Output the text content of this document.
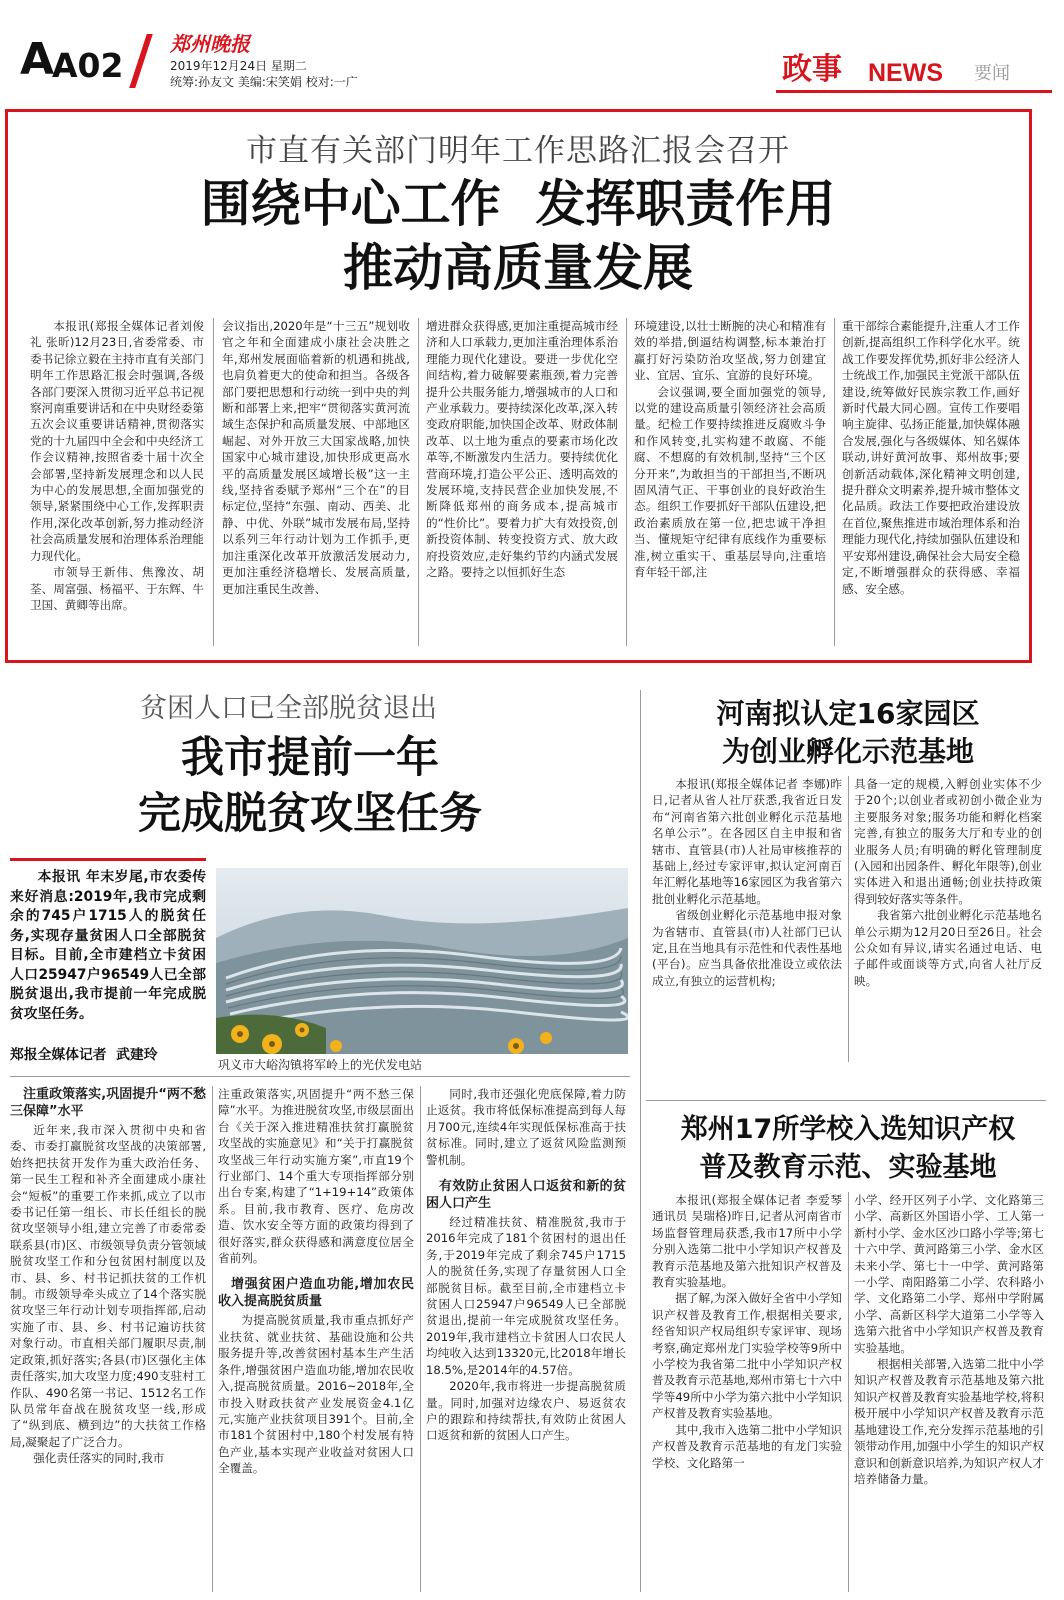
A
A02
郑州晚报
2019年12月24日 星期二
统筹:孙友文 美编:宋笑娟 校对:一广	政事 NEWS 要闻
市直有关部门明年工作思路汇报会召开
围绕中心工作  发挥职责作用
推动高质量发展

本报讯(郑报全媒体记者刘俊礼 张昕)12月23日,省委常委、市委书记徐立毅在主持市直有关部门明年工作思路汇报会时强调,各级各部门要深入贯彻习近平总书记视察河南重要讲话和在中央财经委第五次会议重要讲话精神,贯彻落实党的十九届四中全会和中央经济工作会议精神,按照省委十届十次全会部署,坚持新发展理念和以人民为中心的发展思想,全面加强党的领导,紧紧围绕中心工作,发挥职责作用,深化改革创新,努力推动经济社会高质量发展和治理体系治理能力现代化。

市领导王新伟、焦豫汝、胡荃、周富强、杨福平、于东辉、牛卫国、黄卿等出席。

会议指出,2020年是“十三五”规划收官之年和全面建成小康社会决胜之年,郑州发展面临着新的机遇和挑战,也肩负着更大的使命和担当。各级各部门要把思想和行动统一到中央的判断和部署上来,把牢“贯彻落实黄河流域生态保护和高质量发展、中部地区崛起、对外开放三大国家战略,加快国家中心城市建设,加快形成更高水平的高质量发展区域增长极”这一主线,坚持省委赋予郑州“三个在”的目标定位,坚持“东强、南动、西美、北静、中优、外联”城市发展布局,坚持以系列三年行动计划为工作抓手,更加注重深化改革开放激活发展动力,更加注重经济稳增长、发展高质量,更加注重民生改善、

增进群众获得感,更加注重提高城市经济和人口承载力,更加注重治理体系治理能力现代化建设。要进一步优化空间结构,着力破解要素瓶颈,着力完善提升公共服务能力,增强城市的人口和产业承载力。要持续深化改革,深入转变政府职能,加快国企改革、财政体制改革、以土地为重点的要素市场化改革等,不断激发内生活力。要持续优化营商环境,打造公平公正、透明高效的发展环境,支持民营企业加快发展,不断降低郑州的商务成本,提高城市的“性价比”。要着力扩大有效投资,创新投资体制、转变投资方式、放大政府投资效应,走好集约节约内涵式发展之路。要持之以恒抓好生态

环境建设,以壮士断腕的决心和精准有效的举措,倒逼结构调整,标本兼治打赢打好污染防治攻坚战,努力创建宜业、宜居、宜乐、宜游的良好环境。

会议强调,要全面加强党的领导,以党的建设高质量引领经济社会高质量。纪检工作要持续推进反腐败斗争和作风转变,扎实构建不敢腐、不能腐、不想腐的有效机制,坚持“三个区分开来”,为敢担当的干部担当,不断巩固风清气正、干事创业的良好政治生态。组织工作要抓好干部队伍建设,把政治素质放在第一位,把忠诚干净担当、懂规矩守纪律有底线作为重要标准,树立重实干、重基层导向,注重培育年轻干部,注

重干部综合素能提升,注重人才工作创新,提高组织工作科学化水平。统战工作要发挥优势,抓好非公经济人士统战工作,加强民主党派干部队伍建设,统筹做好民族宗教工作,画好新时代最大同心圆。宣传工作要唱响主旋律、弘扬正能量,加快媒体融合发展,强化与各级媒体、知名媒体联动,讲好黄河故事、郑州故事;要创新活动载体,深化精神文明创建,提升群众文明素养,提升城市整体文化品质。政法工作要把政治建设放在首位,聚焦推进市域治理体系和治理能力现代化,持续加强队伍建设和平安郑州建设,确保社会大局安全稳定,不断增强群众的获得感、幸福感、安全感。

贫困人口已全部脱贫退出
我市提前一年
完成脱贫攻坚任务
本报讯 年末岁尾,市农委传来好消息:2019年,我市完成剩余的745户1715人的脱贫任务,实现存量贫困人口全部脱贫目标。目前,全市建档立卡贫困人口25947户96549人已全部脱贫退出,我市提前一年完成脱贫攻坚任务。
郑报全媒体记者  武建玲
巩义市大峪沟镇将军岭上的光伏发电站
注重政策落实,巩固提升“两不愁三保障”水平

近年来,我市深入贯彻中央和省委、市委打赢脱贫攻坚战的决策部署,始终把扶贫开发作为重大政治任务、第一民生工程和补齐全面建成小康社会“短板”的重要工作来抓,成立了以市委书记任第一组长、市长任组长的脱贫攻坚领导小组,建立完善了市委常委联系县(市)区、市级领导负责分管领域脱贫攻坚工作和分包贫困村制度以及市、县、乡、村书记抓扶贫的工作机制。市级领导牵头成立了14个落实脱贫攻坚三年行动计划专项指挥部,启动实施了市、县、乡、村书记遍访扶贫对象行动。市直相关部门履职尽责,制定政策,抓好落实;各县(市)区强化主体责任落实,加大攻坚力度;490支驻村工作队、490名第一书记、1512名工作队员常年奋战在脱贫攻坚一线,形成了“纵到底、横到边”的大扶贫工作格局,凝聚起了广泛合力。

强化责任落实的同时,我市

注重政策落实,巩固提升“两不愁三保障”水平。为推进脱贫攻坚,市级层面出台《关于深入推进精准扶贫打赢脱贫攻坚战的实施意见》和“关于打赢脱贫攻坚战三年行动实施方案”,市直19个行业部门、14个重大专项指挥部分别出台专案,构建了“1+19+14”政策体系。目前,我市教育、医疗、危房改造、饮水安全等方面的政策均得到了很好落实,群众获得感和满意度位居全省前列。

增强贫困户造血功能,增加农民收入提高脱贫质量

为提高脱贫质量,我市重点抓好产业扶贫、就业扶贫、基础设施和公共服务提升等,改善贫困村基本生产生活条件,增强贫困户造血功能,增加农民收入,提高脱贫质量。2016~2018年,全市投入财政扶贫产业发展资金4.1亿元,实施产业扶贫项目391个。目前,全市181个贫困村中,180个村发展有特色产业,基本实现产业收益对贫困人口全覆盖。

同时,我市还强化兜底保障,着力防止返贫。我市将低保标准提高到每人每月700元,连续4年实现低保标准高于扶贫标准。同时,建立了返贫风险监测预警机制。

有效防止贫困人口返贫和新的贫困人口产生

经过精准扶贫、精准脱贫,我市于2016年完成了181个贫困村的退出任务,于2019年完成了剩余745户1715人的脱贫任务,实现了存量贫困人口全部脱贫目标。截至目前,全市建档立卡贫困人口25947户96549人已全部脱贫退出,提前一年完成脱贫攻坚任务。2019年,我市建档立卡贫困人口农民人均纯收入达到13320元,比2018年增长18.5%,是2014年的4.57倍。

2020年,我市将进一步提高脱贫质量。同时,加强对边缘农户、易返贫农户的跟踪和持续帮扶,有效防止贫困人口返贫和新的贫困人口产生。

河南拟认定16家园区
为创业孵化示范基地

本报讯(郑报全媒体记者 李娜)昨日,记者从省人社厅获悉,我省近日发布“河南省第六批创业孵化示范基地名单公示”。在各园区自主申报和省辖市、直管县(市)人社局审核推荐的基础上,经过专家评审,拟认定河南百年汇孵化基地等16家园区为我省第六批创业孵化示范基地。

省级创业孵化示范基地申报对象为省辖市、直管县(市)人社部门已认定,且在当地具有示范性和代表性基地(平台)。应当具备依批准设立或依法成立,有独立的运营机构;

具备一定的规模,入孵创业实体不少于20个;以创业者或初创小微企业为主要服务对象;服务功能和孵化档案完善,有独立的服务大厅和专业的创业服务人员;有明确的孵化管理制度(入园和出园条件、孵化年限等),创业实体进入和退出通畅;创业扶持政策得到较好落实等条件。

我省第六批创业孵化示范基地名单公示期为12月20日至26日。社会公众如有异议,请实名通过电话、电子邮件或面谈等方式,向省人社厅反映。

郑州17所学校入选知识产权
普及教育示范、实验基地

本报讯(郑报全媒体记者 李爱琴 通讯员 吴瑞格)昨日,记者从河南省市场监督管理局获悉,我市17所中小学分别入选第二批中小学知识产权普及教育示范基地及第六批知识产权普及教育实验基地。

据了解,为深入做好全省中小学知识产权普及教育工作,根据相关要求,经省知识产权局组织专家评审、现场考察,确定郑州龙门实验学校等9所中小学校为我省第二批中小学知识产权普及教育示范基地,郑州市第七十六中学等49所中小学为第六批中小学知识产权普及教育实验基地。

其中,我市入选第二批中小学知识产权普及教育示范基地的有龙门实验学校、文化路第一

小学、经开区列子小学、文化路第三小学、高新区外国语小学、工人第一新村小学、金水区沙口路小学等;第七十六中学、黄河路第三小学、金水区未来小学、第七十一中学、黄河路第一小学、南阳路第二小学、农科路小学、文化路第二小学、郑州中学附属小学、高新区科学大道第二小学等入选第六批省中小学知识产权普及教育实验基地。

根据相关部署,入选第二批中小学知识产权普及教育示范基地及第六批知识产权普及教育实验基地学校,将积极开展中小学知识产权普及教育示范基地建设工作,充分发挥示范基地的引领带动作用,加强中小学生的知识产权意识和创新意识培养,为知识产权人才培养储备力量。
